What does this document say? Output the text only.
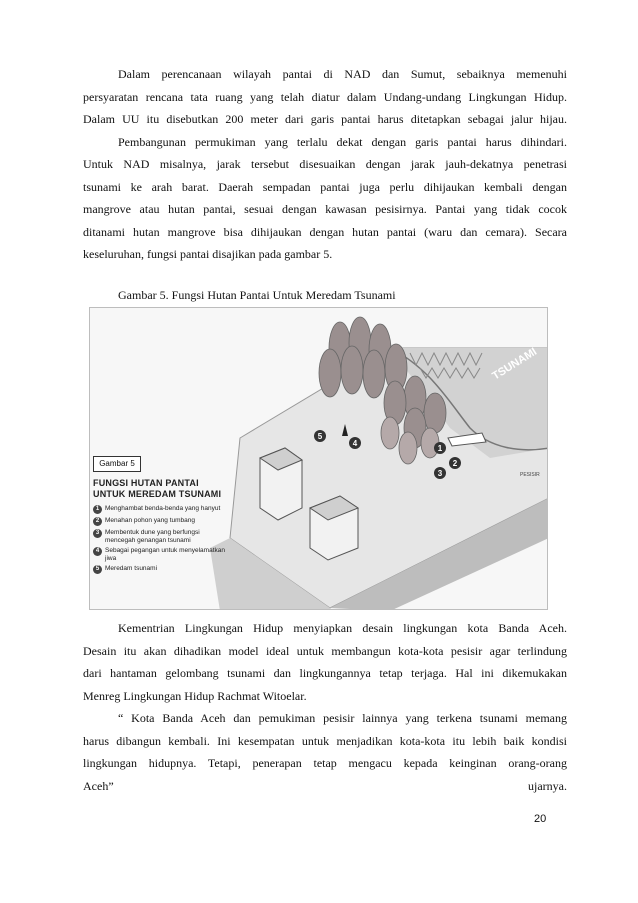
Dalam perencanaan wilayah pantai di NAD dan Sumut, sebaiknya memenuhi

persyaratan rencana tata ruang yang telah diatur dalam Undang-undang Lingkungan Hidup.

Dalam UU itu disebutkan 200 meter dari garis pantai harus ditetapkan sebagai jalur hijau.

Pembangunan permukiman yang terlalu dekat dengan garis pantai harus dihindari.

Untuk NAD misalnya, jarak tersebut disesuaikan dengan jarak jauh-dekatnya penetrasi

tsunami ke arah barat. Daerah sempadan pantai juga perlu dihijaukan kembali dengan

mangrove atau hutan pantai, sesuai dengan kawasan pesisirnya. Pantai yang tidak cocok

ditanami hutan mangrove bisa dihijaukan dengan hutan pantai (waru dan cemara). Secara

keseluruhan, fungsi pantai disajikan pada gambar 5.

Gambar 5. Fungsi Hutan Pantai Untuk Meredam Tsunami
1
2
3
4
5
TSUNAMI
PESISIR
Gambar 5
FUNGSI HUTAN PANTAI
UNTUK MEREDAM TSUNAMI
1 Menghambat benda-benda yang hanyut
2 Menahan pohon yang tumbang
3 Membentuk dune yang berfungsi mencegah genangan tsunami
4 Sebagai pegangan untuk menyelamatkan jiwa
5 Meredam tsunami

Kementrian Lingkungan Hidup menyiapkan desain lingkungan kota Banda Aceh.

Desain itu akan dihadikan model ideal untuk membangun kota-kota pesisir agar terlindung

dari hantaman gelombang tsunami dan lingkungannya tetap terjaga. Hal ini dikemukakan

Menreg Lingkungan Hidup Rachmat Witoelar.

“ Kota Banda Aceh dan pemukiman pesisir lainnya yang terkena tsunami memang

harus dibangun kembali. Ini kesempatan untuk menjadikan kota-kota itu lebih baik kondisi

lingkungan hidupnya. Tetapi, penerapan tetap mengacu kepada keinginan orang-orang

Aceh”	ujarnya.

20
